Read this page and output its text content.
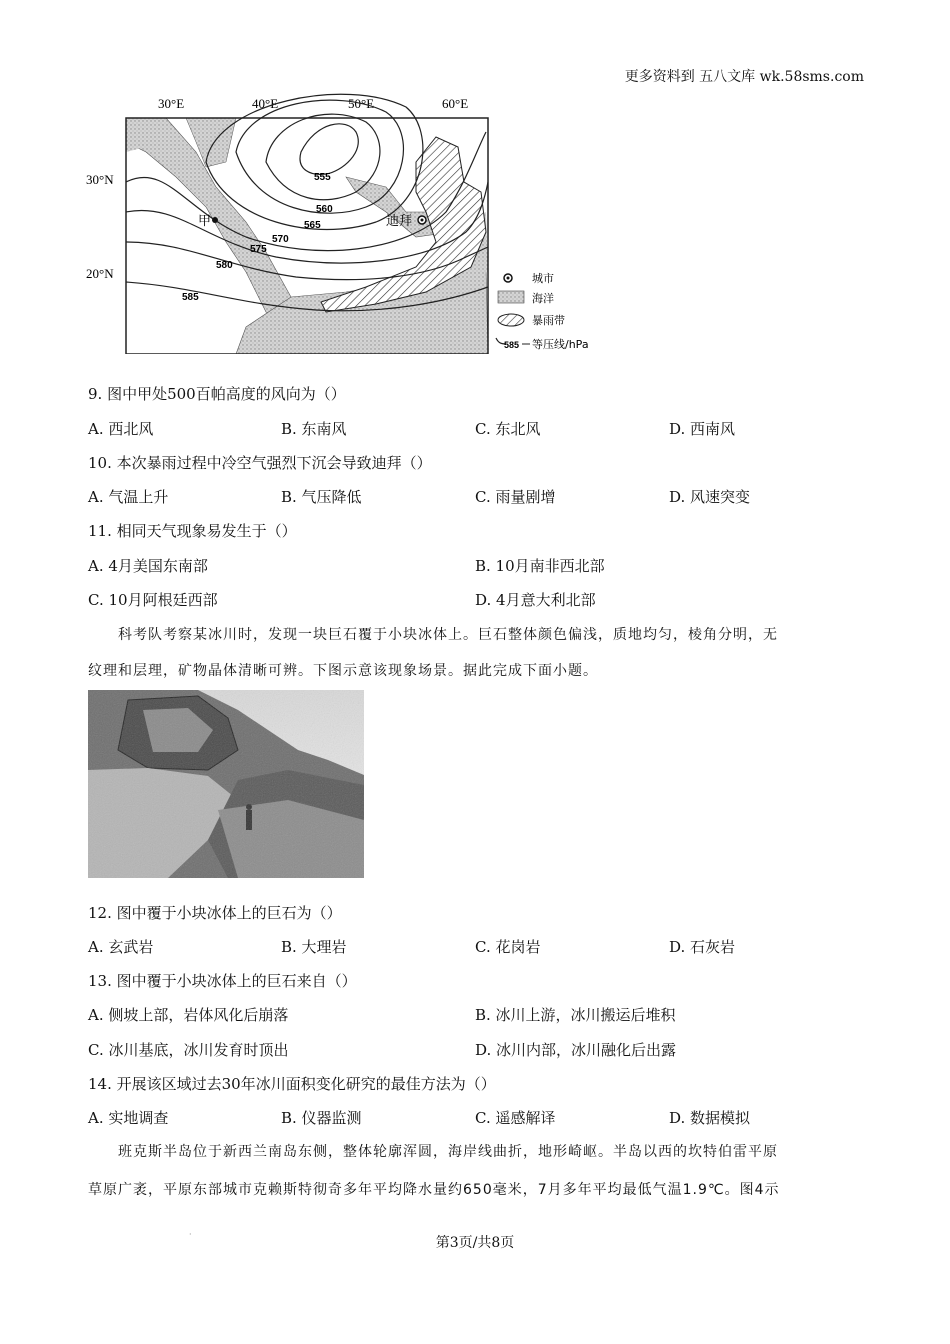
更多资料到 五八文库 wk.58sms.com
30°E	40°E	50°E	60°E
30°N
20°N
555
560
565
570
575
580
585
甲	迪拜
城市
海洋
暴雨带
585 等压线/hPa
9. 图中甲处500百帕高度的风向为（）
A. 西北风	B. 东南风	C. 东北风	D. 西南风
10. 本次暴雨过程中冷空气强烈下沉会导致迪拜（）
A. 气温上升	B. 气压降低	C. 雨量剧增	D. 风速突变
11. 相同天气现象易发生于（）
A. 4月美国东南部	B. 10月南非西北部
C. 10月阿根廷西部	D. 4月意大利北部
科考队考察某冰川时，发现一块巨石覆于小块冰体上。巨石整体颜色偏浅，质地均匀，棱角分明，无
纹理和层理，矿物晶体清晰可辨。下图示意该现象场景。据此完成下面小题。
12. 图中覆于小块冰体上的巨石为（）
A. 玄武岩	B. 大理岩	C. 花岗岩	D. 石灰岩
13. 图中覆于小块冰体上的巨石来自（）
A. 侧坡上部，岩体风化后崩落	B. 冰川上游，冰川搬运后堆积
C. 冰川基底，冰川发育时顶出	D. 冰川内部，冰川融化后出露
14. 开展该区域过去30年冰川面积变化研究的最佳方法为（）
A. 实地调查	B. 仪器监测	C. 遥感解译	D. 数据模拟
班克斯半岛位于新西兰南岛东侧，整体轮廓浑圆，海岸线曲折，地形崎岖。半岛以西的坎特伯雷平原
草原广袤，平原东部城市克赖斯特彻奇多年平均降水量约650毫米，7月多年平均最低气温1.9℃。图4示
·
第3页/共8页
